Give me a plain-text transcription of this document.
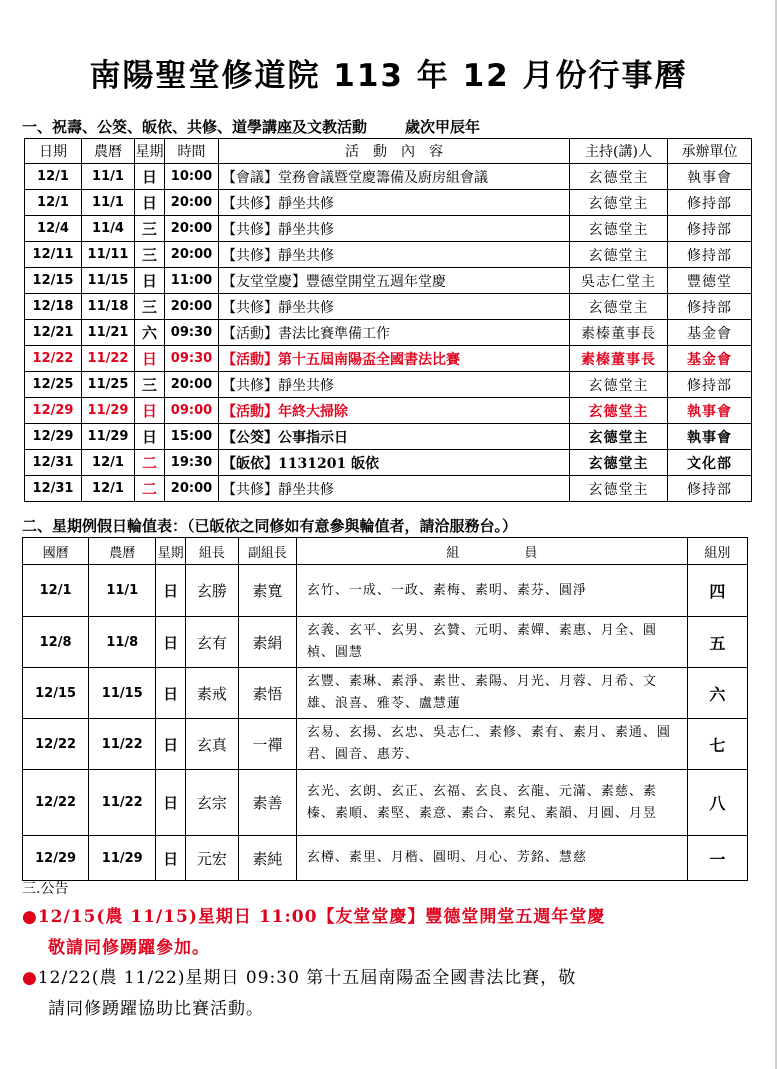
南陽聖堂修道院 113 年 12 月份行事曆
一、祝壽、公筊、皈依、共修、道學講座及文教活動	歲次甲辰年
日期	農曆	星期	時間	活　動　內　容	主持(講)人	承辦單位
12/1	11/1	日	10:00	【會議】堂務會議暨堂慶籌備及廚房組會議	玄德堂主	執事會
12/1	11/1	日	20:00	【共修】靜坐共修	玄德堂主	修持部
12/4	11/4	三	20:00	【共修】靜坐共修	玄德堂主	修持部
12/11	11/11	三	20:00	【共修】靜坐共修	玄德堂主	修持部
12/15	11/15	日	11:00	【友堂堂慶】豐德堂開堂五週年堂慶	吳志仁堂主	豐德堂
12/18	11/18	三	20:00	【共修】靜坐共修	玄德堂主	修持部
12/21	11/21	六	09:30	【活動】書法比賽準備工作	素榛董事長	基金會
12/22	11/22	日	09:30	【活動】第十五屆南陽盃全國書法比賽	素榛董事長	基金會
12/25	11/25	三	20:00	【共修】靜坐共修	玄德堂主	修持部
12/29	11/29	日	09:00	【活動】年終大掃除	玄德堂主	執事會
12/29	11/29	日	15:00	【公筊】公事指示日	玄德堂主	執事會
12/31	12/1	二	19:30	【皈依】1131201 皈依	玄德堂主	文化部
12/31	12/1	二	20:00	【共修】靜坐共修	玄德堂主	修持部
二、星期例假日輪值表：（已皈依之同修如有意參與輪值者，請洽服務台。）
國曆	農曆	星期	組長	副組長	組　　　　　員	組別
12/1	11/1	日	玄勝	素寬	玄竹、一成、一政、素梅、素明、素芬、圓淨	四
12/8	11/8	日	玄有	素絹	玄義、玄平、玄男、玄贊、元明、素嬋、素惠、月全、圓楨、圓慧	五
12/15	11/15	日	素戒	素悟	玄豐、素琳、素淨、素世、素陽、月光、月蓉、月希、文雄、浪喜、雅苓、盧慧蓮	六
12/22	11/22	日	玄真	一禪	玄易、玄揚、玄忠、吳志仁、素修、素有、素月、素通、圓君、圓音、惠芳、	七
12/22	11/22	日	玄宗	素善	玄光、玄朗、玄正、玄福、玄良、玄龍、元滿、素慈、素榛、素順、素堅、素意、素合、素兒、素韻、月圓、月昱	八
12/29	11/29	日	元宏	素純	玄樽、素里、月楷、圓明、月心、芳銘、慧慈	一
三.公告
●12/15(農 11/15)星期日 11:00【友堂堂慶】豐德堂開堂五週年堂慶
敬請同修踴躍參加。
●12/22(農 11/22)星期日 09:30 第十五屆南陽盃全國書法比賽，敬
請同修踴躍協助比賽活動。
